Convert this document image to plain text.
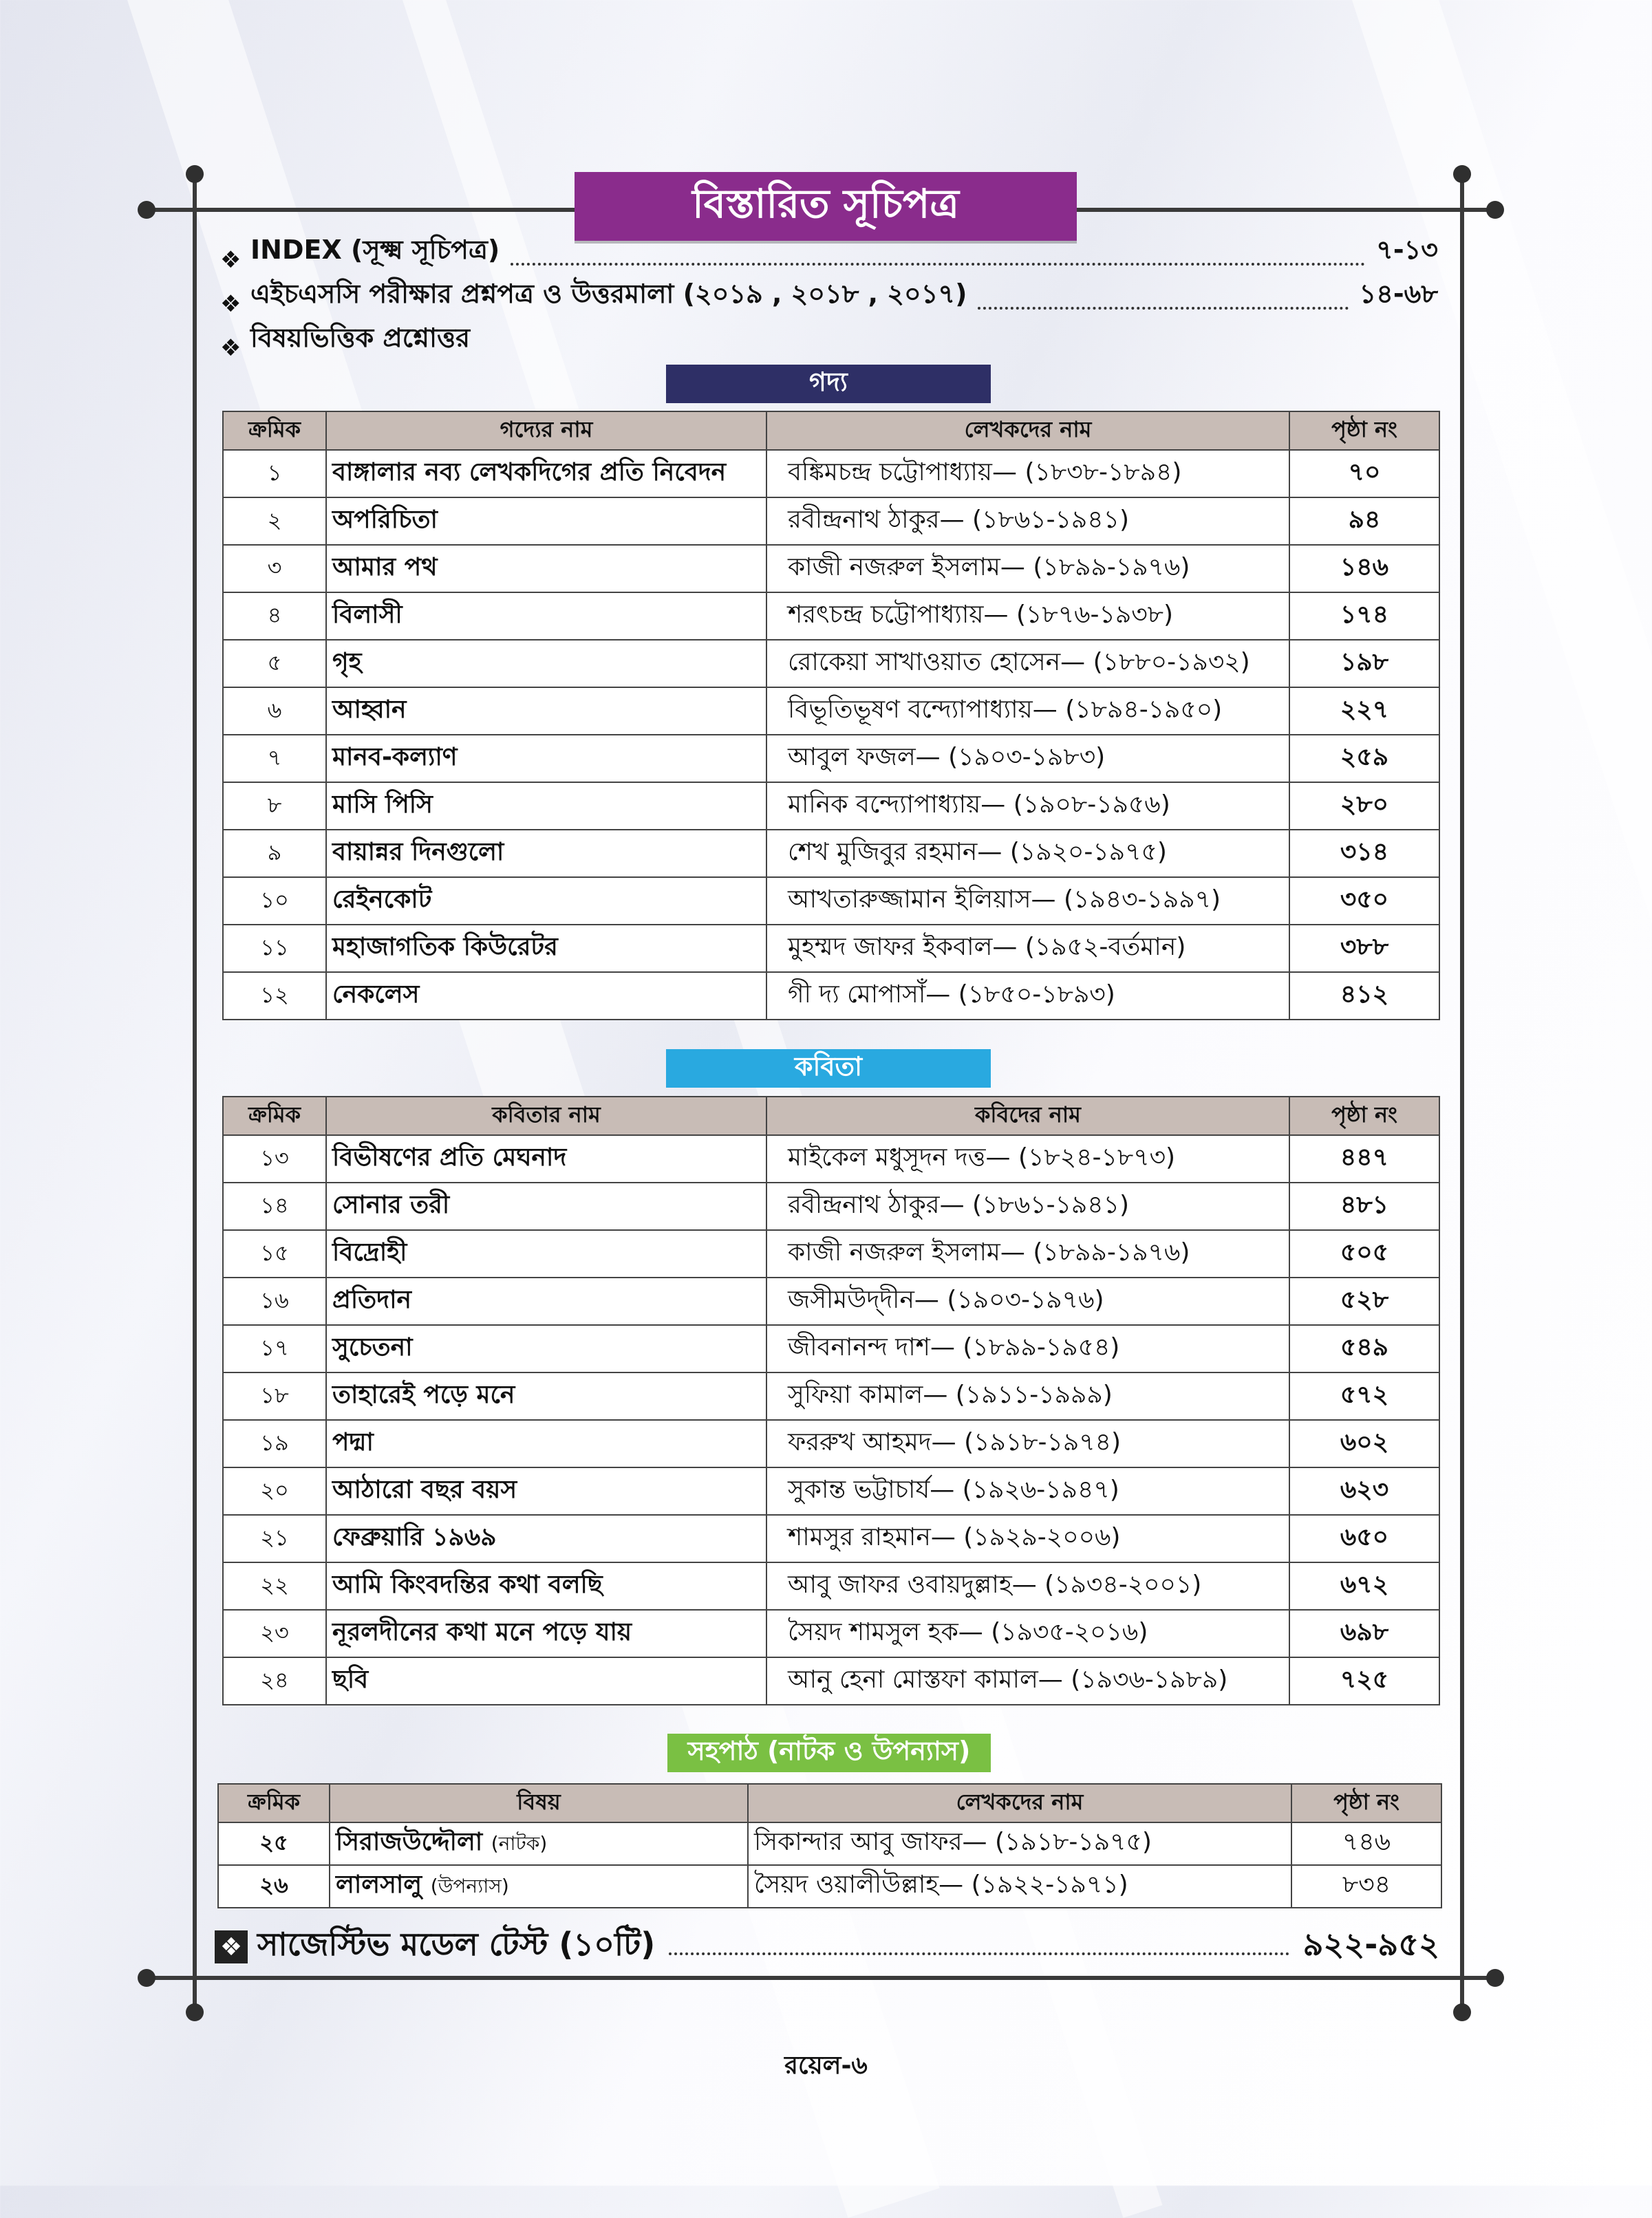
বিস্তারিত সূচিপত্র
❖ INDEX (সূক্ষ্ম সূচিপত্র)	৭-১৩
❖ এইচএসসি পরীক্ষার প্রশ্নপত্র ও উত্তরমালা (২০১৯ , ২০১৮ , ২০১৭)	১৪-৬৮
❖ বিষয়ভিত্তিক প্রশ্নোত্তর
গদ্য
ক্রমিক	গদ্যের নাম	লেখকদের নাম	পৃষ্ঠা নং
১	বাঙ্গালার নব্য লেখকদিগের প্রতি নিবেদন	বঙ্কিমচন্দ্র চট্টোপাধ্যায়— (১৮৩৮-১৮৯৪)	৭০
২	অপরিচিতা	রবীন্দ্রনাথ ঠাকুর— (১৮৬১-১৯৪১)	৯৪
৩	আমার পথ	কাজী নজরুল ইসলাম— (১৮৯৯-১৯৭৬)	১৪৬
৪	বিলাসী	শরৎচন্দ্র চট্টোপাধ্যায়— (১৮৭৬-১৯৩৮)	১৭৪
৫	গৃহ	রোকেয়া সাখাওয়াত হোসেন— (১৮৮০-১৯৩২)	১৯৮
৬	আহ্বান	বিভূতিভূষণ বন্দ্যোপাধ্যায়— (১৮৯৪-১৯৫০)	২২৭
৭	মানব-কল্যাণ	আবুল ফজল— (১৯০৩-১৯৮৩)	২৫৯
৮	মাসি পিসি	মানিক বন্দ্যোপাধ্যায়— (১৯০৮-১৯৫৬)	২৮০
৯	বায়ান্নর দিনগুলো	শেখ মুজিবুর রহমান— (১৯২০-১৯৭৫)	৩১৪
১০	রেইনকোট	আখতারুজ্জামান ইলিয়াস— (১৯৪৩-১৯৯৭)	৩৫০
১১	মহাজাগতিক কিউরেটর	মুহম্মদ জাফর ইকবাল— (১৯৫২-বর্তমান)	৩৮৮
১২	নেকলেস	গী দ্য মোপাসাঁ— (১৮৫০-১৮৯৩)	৪১২
কবিতা
ক্রমিক	কবিতার নাম	কবিদের নাম	পৃষ্ঠা নং
১৩	বিভীষণের প্রতি মেঘনাদ	মাইকেল মধুসূদন দত্ত— (১৮২৪-১৮৭৩)	৪৪৭
১৪	সোনার তরী	রবীন্দ্রনাথ ঠাকুর— (১৮৬১-১৯৪১)	৪৮১
১৫	বিদ্রোহী	কাজী নজরুল ইসলাম— (১৮৯৯-১৯৭৬)	৫০৫
১৬	প্রতিদান	জসীমউদ্‌দীন— (১৯০৩-১৯৭৬)	৫২৮
১৭	সুচেতনা	জীবনানন্দ দাশ— (১৮৯৯-১৯৫৪)	৫৪৯
১৮	তাহারেই পড়ে মনে	সুফিয়া কামাল— (১৯১১-১৯৯৯)	৫৭২
১৯	পদ্মা	ফররুখ আহমদ— (১৯১৮-১৯৭৪)	৬০২
২০	আঠারো বছর বয়স	সুকান্ত ভট্টাচার্য— (১৯২৬-১৯৪৭)	৬২৩
২১	ফেব্রুয়ারি ১৯৬৯	শামসুর রাহমান— (১৯২৯-২০০৬)	৬৫০
২২	আমি কিংবদন্তির কথা বলছি	আবু জাফর ওবায়দুল্লাহ— (১৯৩৪-২০০১)	৬৭২
২৩	নূরলদীনের কথা মনে পড়ে যায়	সৈয়দ শামসুল হক— (১৯৩৫-২০১৬)	৬৯৮
২৪	ছবি	আনু হেনা মোস্তফা কামাল— (১৯৩৬-১৯৮৯)	৭২৫
সহপাঠ (নাটক ও উপন্যাস)
ক্রমিক	বিষয়	লেখকদের নাম	পৃষ্ঠা নং
২৫	সিরাজউদ্দৌলা (নাটক)	সিকান্দার আবু জাফর— (১৯১৮-১৯৭৫)	৭৪৬
২৬	লালসালু (উপন্যাস)	সৈয়দ ওয়ালীউল্লাহ— (১৯২২-১৯৭১)	৮৩৪
❖ সাজেস্টিভ মডেল টেস্ট (১০টি)	৯২২-৯৫২
রয়েল-৬
